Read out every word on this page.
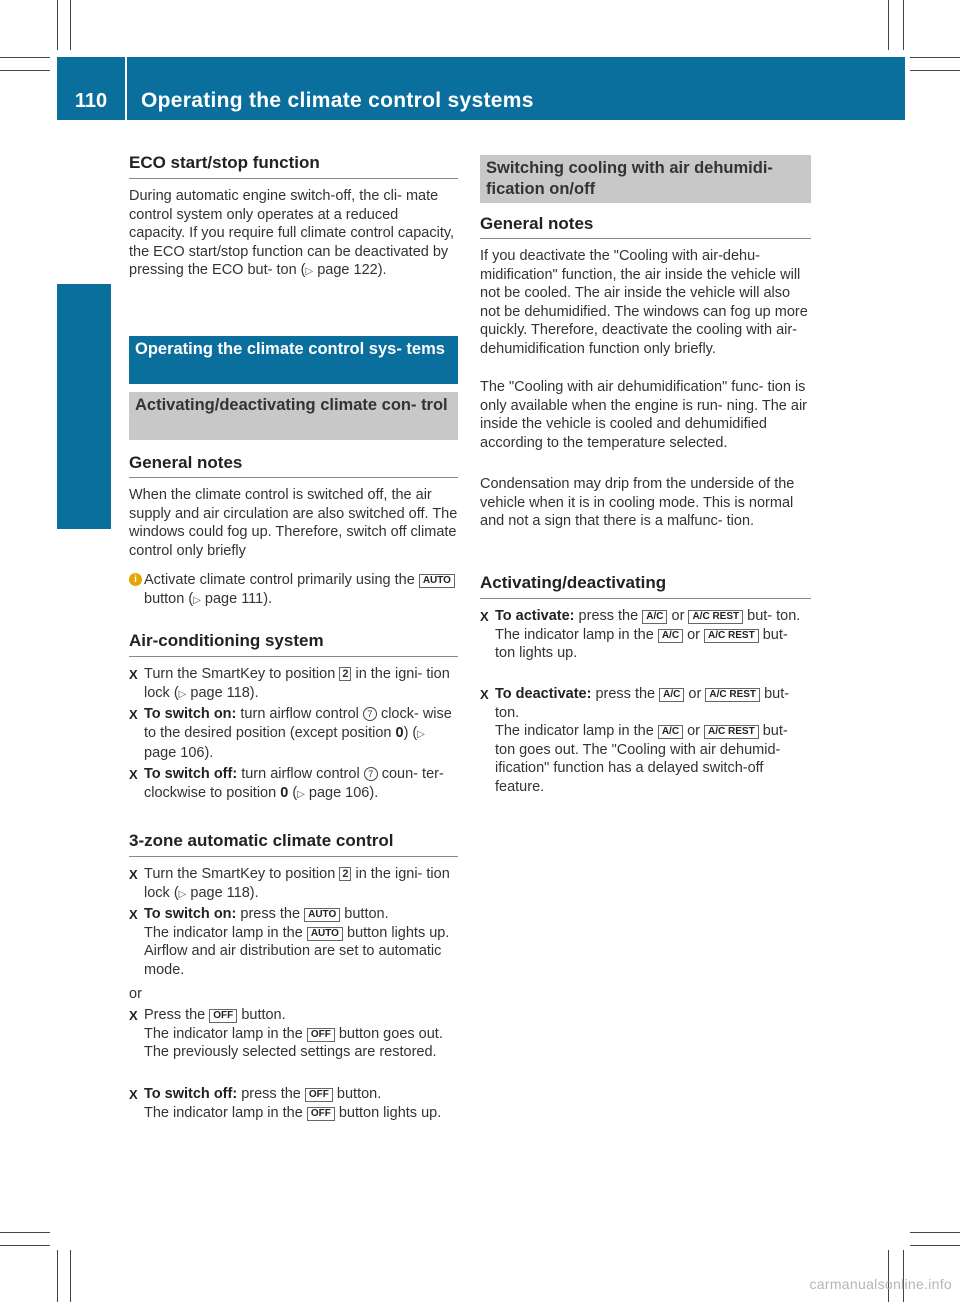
110	Operating the climate control systems
Climate control
ECO start/stop function

During automatic engine switch-off, the cli- mate control system only operates at a reduced capacity. If you require full climate control capacity, the ECO start/stop function can be deactivated by pressing the ECO but- ton (▷ page 122).

Operating the climate control sys- tems
Activating/deactivating climate con- trol
General notes

When the climate control is switched off, the air supply and air circulation are also switched off. The windows could fog up. Therefore, switch off climate control only briefly

i Activate climate control primarily using the AUTO button (▷ page 111).

Air-conditioning system
X Turn the SmartKey to position 2 in the igni- tion lock (▷ page 118).

X To switch on: turn airflow control 7 clock- wise to the desired position (except position 0) (▷ page 106).

X To switch off: turn airflow control 7 coun- ter-clockwise to position 0 (▷ page 106).

3-zone automatic climate control
X Turn the SmartKey to position 2 in the igni- tion lock (▷ page 118).

X To switch on: press the AUTO button.
The indicator lamp in the AUTO button lights up. Airflow and air distribution are set to automatic mode.

or

X Press the OFF button.
The indicator lamp in the OFF button goes out. The previously selected settings are restored.

X To switch off: press the OFF button.
The indicator lamp in the OFF button lights up.

Switching cooling with air dehumidi- fication on/off
General notes

If you deactivate the "Cooling with air-dehu- midification" function, the air inside the vehicle will not be cooled. The air inside the vehicle will also not be dehumidified. The windows can fog up more quickly. Therefore, deactivate the cooling with air-dehumidification function only briefly.

The "Cooling with air dehumidification" func- tion is only available when the engine is run- ning. The air inside the vehicle is cooled and dehumidified according to the temperature selected.

Condensation may drip from the underside of the vehicle when it is in cooling mode. This is normal and not a sign that there is a malfunc- tion.

Activating/deactivating
X To activate: press the A/C or A/C REST but- ton.
The indicator lamp in the A/C or A/C REST but- ton lights up.

X To deactivate: press the A/C or A/C REST but- ton.
The indicator lamp in the A/C or A/C REST but- ton goes out. The "Cooling with air dehumid- ification" function has a delayed switch-off feature.

carmanualsonline.info
